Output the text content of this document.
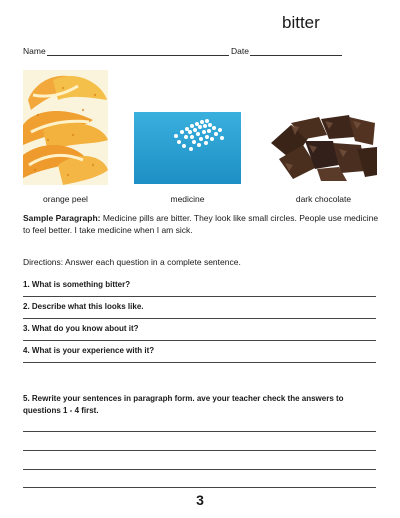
bitter
Name	Date
orange peel	medicine	dark chocolate
Sample Paragraph: Medicine pills are bitter. They look like small circles. People use medicine to feel better. I take medicine when I am sick.
Directions: Answer each question in a complete sentence.
1. What is something bitter?
2. Describe what this looks like.
3. What do you know about it?
4. What is your experience with it?
5. Rewrite your sentences in paragraph form. ave your teacher check the answers to questions 1 - 4 first.
3
